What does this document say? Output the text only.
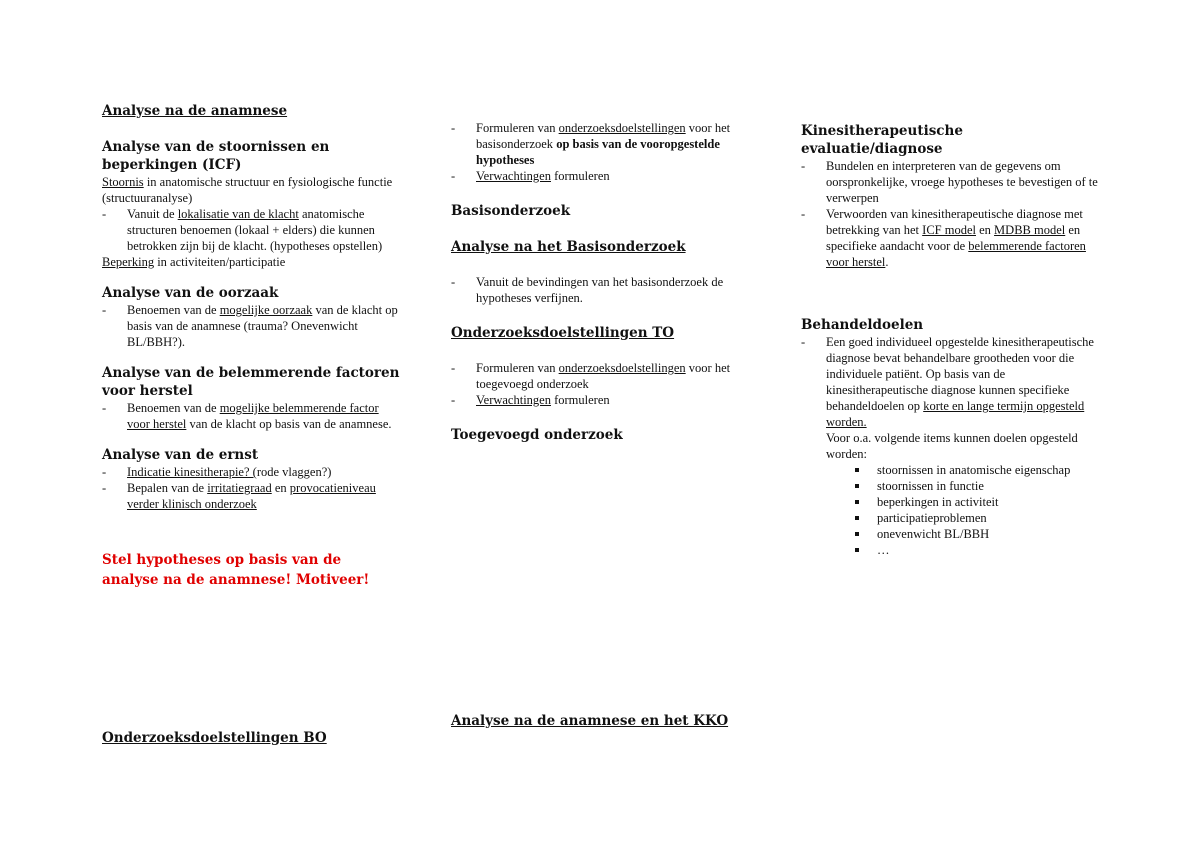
Analyse na de anamnese

Analyse van de stoornissen en beperkingen (ICF)

Stoornis in anatomische structuur en fysiologische functie (structuuranalyse)

- Vanuit de lokalisatie van de klacht anatomische structuren benoemen (lokaal + elders) die kunnen betrokken zijn bij de klacht. (hypotheses opstellen)

Beperking in activiteiten/participatie

Analyse van de oorzaak

- Benoemen van de mogelijke oorzaak van de klacht op basis van de anamnese (trauma? Onevenwicht BL/BBH?).

Analyse van de belemmerende factoren voor herstel

- Benoemen van de mogelijke belemmerende factor voor herstel van de klacht op basis van de anamnese.

Analyse van de ernst

- Indicatie kinesitherapie? (rode vlaggen?)
- Bepalen van de irritatiegraad en provocatieniveau verder klinisch onderzoek

Stel hypotheses op basis van de analyse na de anamnese! Motiveer!

Onderzoeksdoelstellingen BO

- Formuleren van onderzoeksdoelstellingen voor het basisonderzoek op basis van de vooropgestelde hypotheses
- Verwachtingen formuleren

Basisonderzoek

Analyse na het Basisonderzoek

- Vanuit de bevindingen van het basisonderzoek de hypotheses verfijnen.

Onderzoeksdoelstellingen TO

- Formuleren van onderzoeksdoelstellingen voor het toegevoegd onderzoek
- Verwachtingen formuleren

Toegevoegd onderzoek

Analyse na de anamnese en het KKO

Kinesitherapeutische evaluatie/diagnose

- Bundelen en interpreteren van de gegevens om oorspronkelijke, vroege hypotheses te bevestigen of te verwerpen
- Verwoorden van kinesitherapeutische diagnose met betrekking van het ICF model en MDBB model en specifieke aandacht voor de belemmerende factoren voor herstel.

Behandeldoelen

- Een goed individueel opgestelde kinesitherapeutische diagnose bevat behandelbare grootheden voor die individuele patiënt. Op basis van de kinesitherapeutische diagnose kunnen specifieke behandeldoelen op korte en lange termijn opgesteld worden.
Voor o.a. volgende items kunnen doelen opgesteld worden:
stoornissen in anatomische eigenschap
stoornissen in functie
beperkingen in activiteit
participatieproblemen
onevenwicht BL/BBH
…
